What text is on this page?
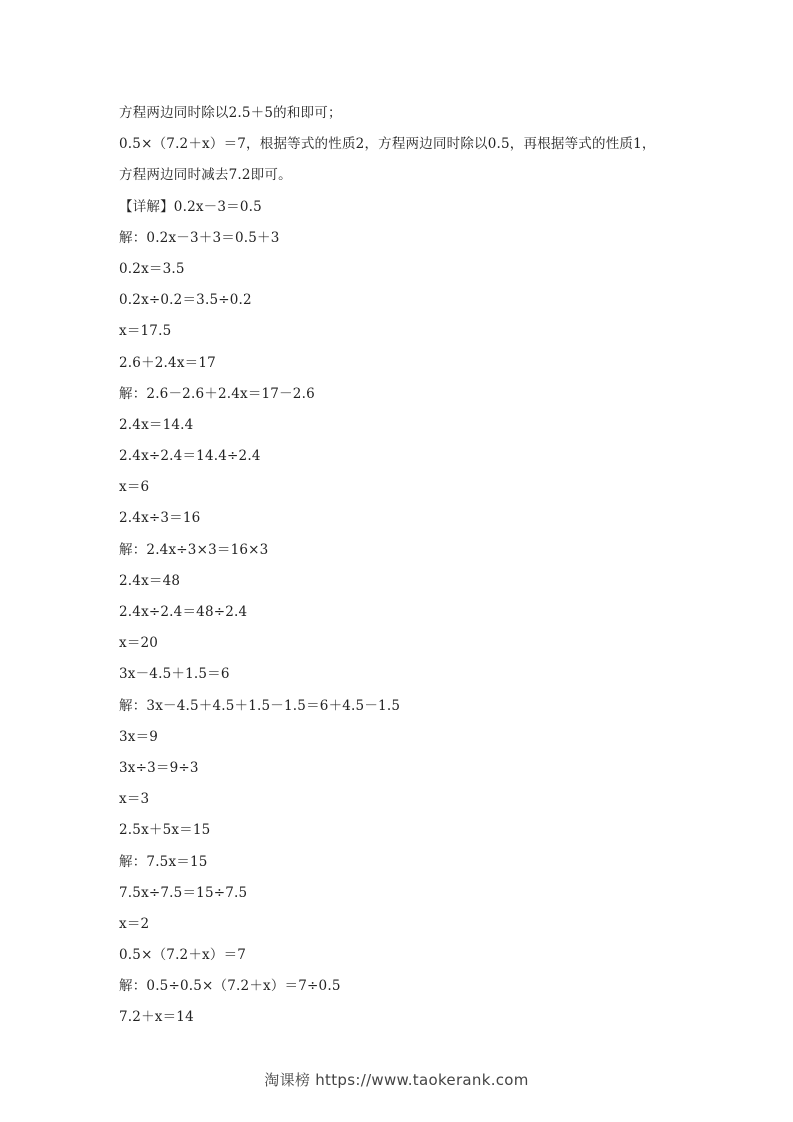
方程两边同时除以2.5＋5的和即可；
0.5×（7.2＋x）＝7，根据等式的性质2，方程两边同时除以0.5，再根据等式的性质1，
方程两边同时减去7.2即可。
【详解】0.2x－3＝0.5
解：0.2x－3＋3＝0.5＋3
0.2x＝3.5
0.2x÷0.2＝3.5÷0.2
x＝17.5
2.6＋2.4x＝17
解：2.6－2.6＋2.4x＝17－2.6
2.4x＝14.4
2.4x÷2.4＝14.4÷2.4
x＝6
2.4x÷3＝16
解：2.4x÷3×3＝16×3
2.4x＝48
2.4x÷2.4＝48÷2.4
x＝20
3x－4.5＋1.5＝6
解：3x－4.5＋4.5＋1.5－1.5＝6＋4.5－1.5
3x＝9
3x÷3＝9÷3
x＝3
2.5x＋5x＝15
解：7.5x＝15
7.5x÷7.5＝15÷7.5
x＝2
0.5×（7.2＋x）＝7
解：0.5÷0.5×（7.2＋x）＝7÷0.5
7.2＋x＝14
淘课榜 https://www.taokerank.com
